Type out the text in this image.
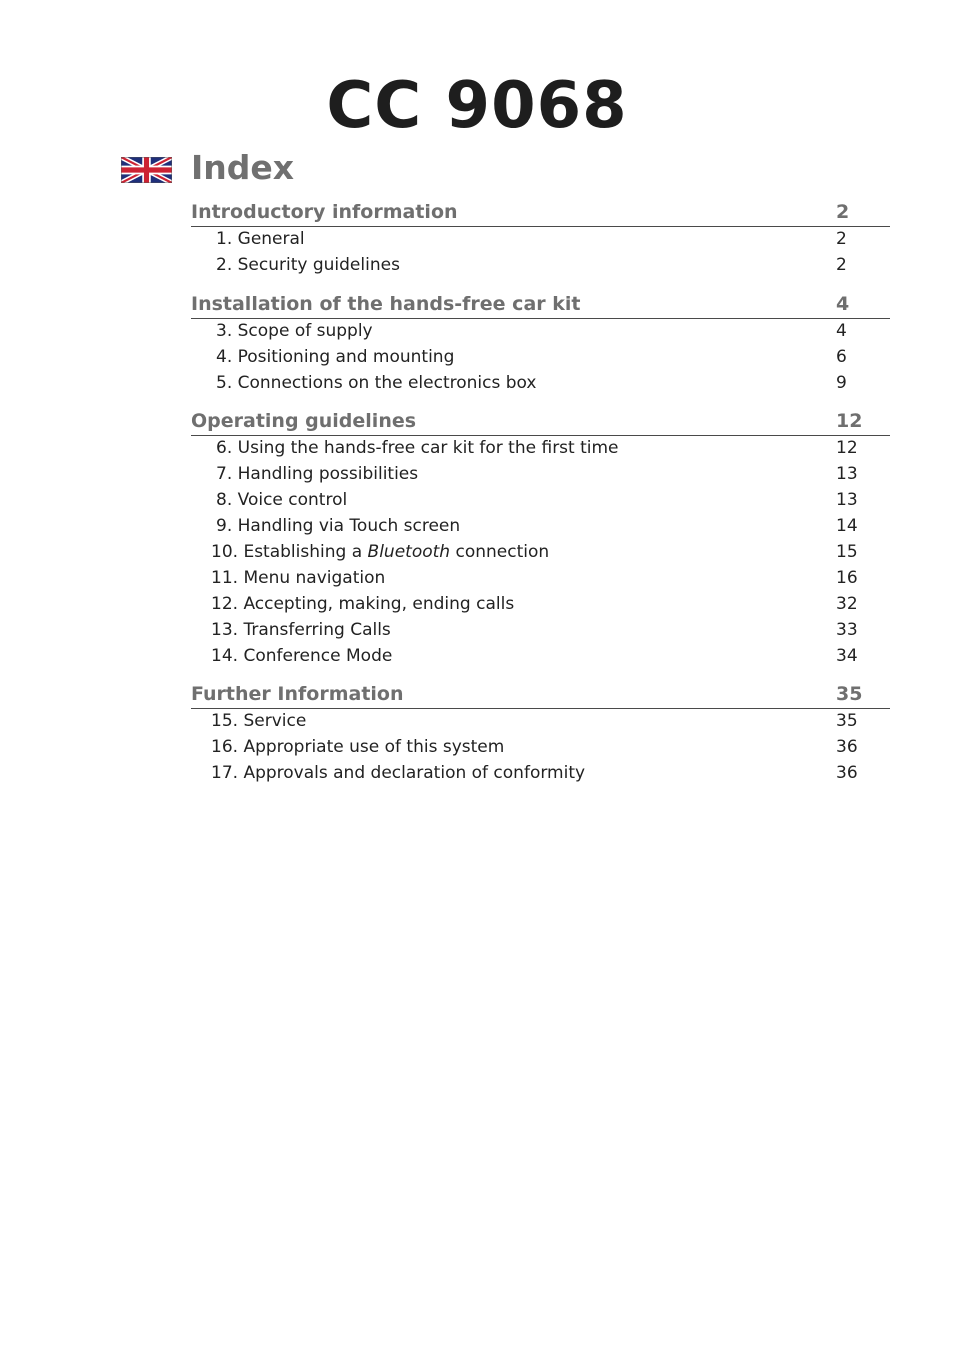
CC 9068
Index
Introductory information	2
1. General	2
2. Security guidelines	2
Installation of the hands-free car kit	4
3. Scope of supply	4
4. Positioning and mounting	6
5. Connections on the electronics box	9
Operating guidelines	12
6. Using the hands-free car kit for the first time	12
7. Handling possibilities	13
8. Voice control	13
9. Handling via Touch screen	14
10. Establishing a Bluetooth connection	15
11. Menu navigation	16
12. Accepting, making, ending calls	32
13. Transferring Calls	33
14. Conference Mode	34
Further Information	35
15. Service	35
16. Appropriate use of this system	36
17. Approvals and declaration of conformity	36
